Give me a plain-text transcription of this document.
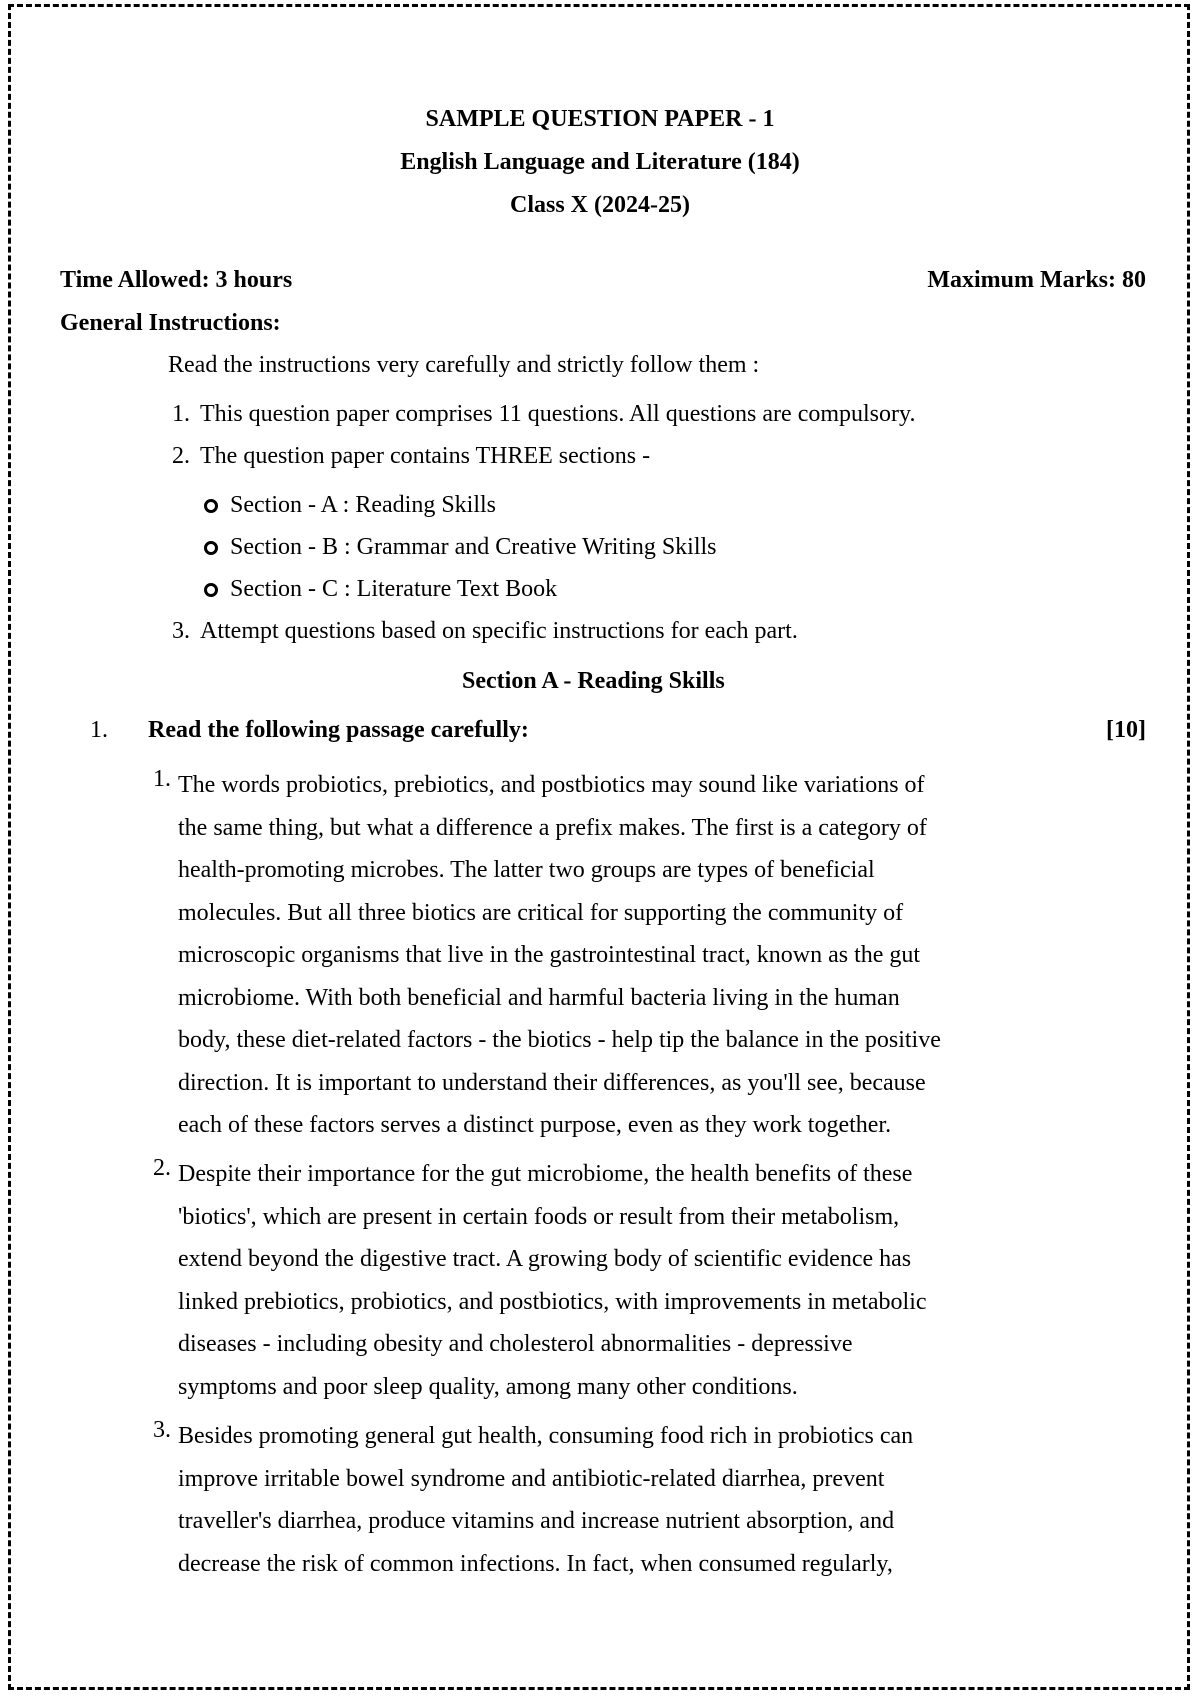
SAMPLE QUESTION PAPER - 1
English Language and Literature (184)
Class X (2024-25)
Time Allowed: 3 hours	Maximum Marks: 80
General Instructions:
Read the instructions very carefully and strictly follow them :
1. This question paper comprises 11 questions. All questions are compulsory.
2. The question paper contains THREE sections -
Section - A : Reading Skills
Section - B : Grammar and Creative Writing Skills
Section - C : Literature Text Book
3. Attempt questions based on specific instructions for each part.
Section A - Reading Skills
1. Read the following passage carefully:	[10]
1. The words probiotics, prebiotics, and postbiotics may sound like variations of
the same thing, but what a difference a prefix makes. The first is a category of
health-promoting microbes. The latter two groups are types of beneficial
molecules. But all three biotics are critical for supporting the community of
microscopic organisms that live in the gastrointestinal tract, known as the gut
microbiome. With both beneficial and harmful bacteria living in the human
body, these diet-related factors - the biotics - help tip the balance in the positive
direction. It is important to understand their differences, as you'll see, because
each of these factors serves a distinct purpose, even as they work together.
2. Despite their importance for the gut microbiome, the health benefits of these
'biotics', which are present in certain foods or result from their metabolism,
extend beyond the digestive tract. A growing body of scientific evidence has
linked prebiotics, probiotics, and postbiotics, with improvements in metabolic
diseases - including obesity and cholesterol abnormalities - depressive
symptoms and poor sleep quality, among many other conditions.
3. Besides promoting general gut health, consuming food rich in probiotics can
improve irritable bowel syndrome and antibiotic-related diarrhea, prevent
traveller's diarrhea, produce vitamins and increase nutrient absorption, and
decrease the risk of common infections. In fact, when consumed regularly,
